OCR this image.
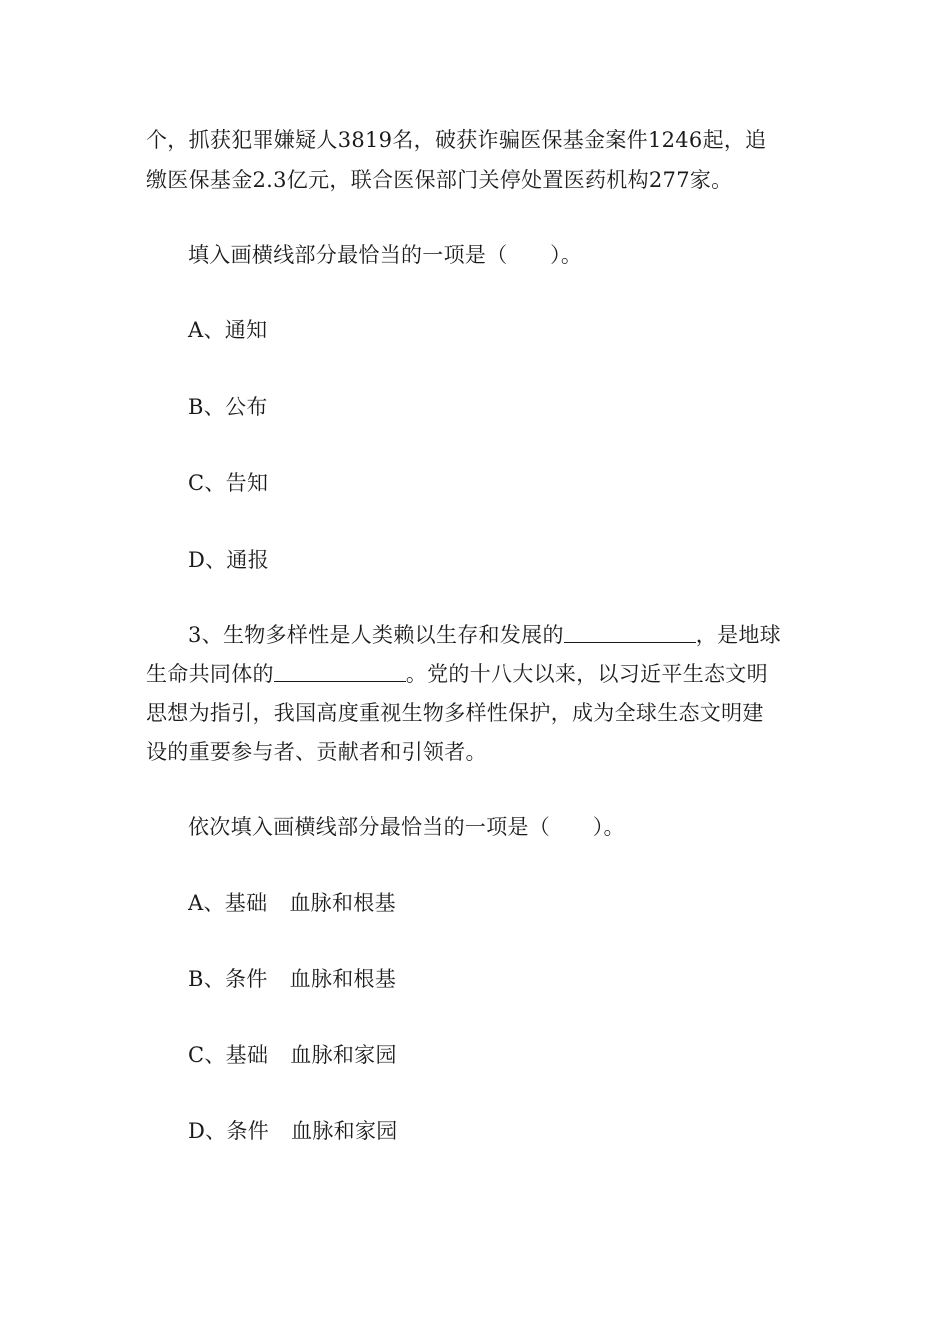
个，抓获犯罪嫌疑人3819名，破获诈骗医保基金案件1246起，追
缴医保基金2.3亿元，联合医保部门关停处置医药机构277家。
填入画横线部分最恰当的一项是（　　）。
A、通知
B、公布
C、告知
D、通报
3、生物多样性是人类赖以生存和发展的	，是地球
生命共同体的	。党的十八大以来，以习近平生态文明
思想为指引，我国高度重视生物多样性保护，成为全球生态文明建
设的重要参与者、贡献者和引领者。
依次填入画横线部分最恰当的一项是（　　）。
A、基础 血脉和根基
B、条件 血脉和根基
C、基础 血脉和家园
D、条件 血脉和家园
